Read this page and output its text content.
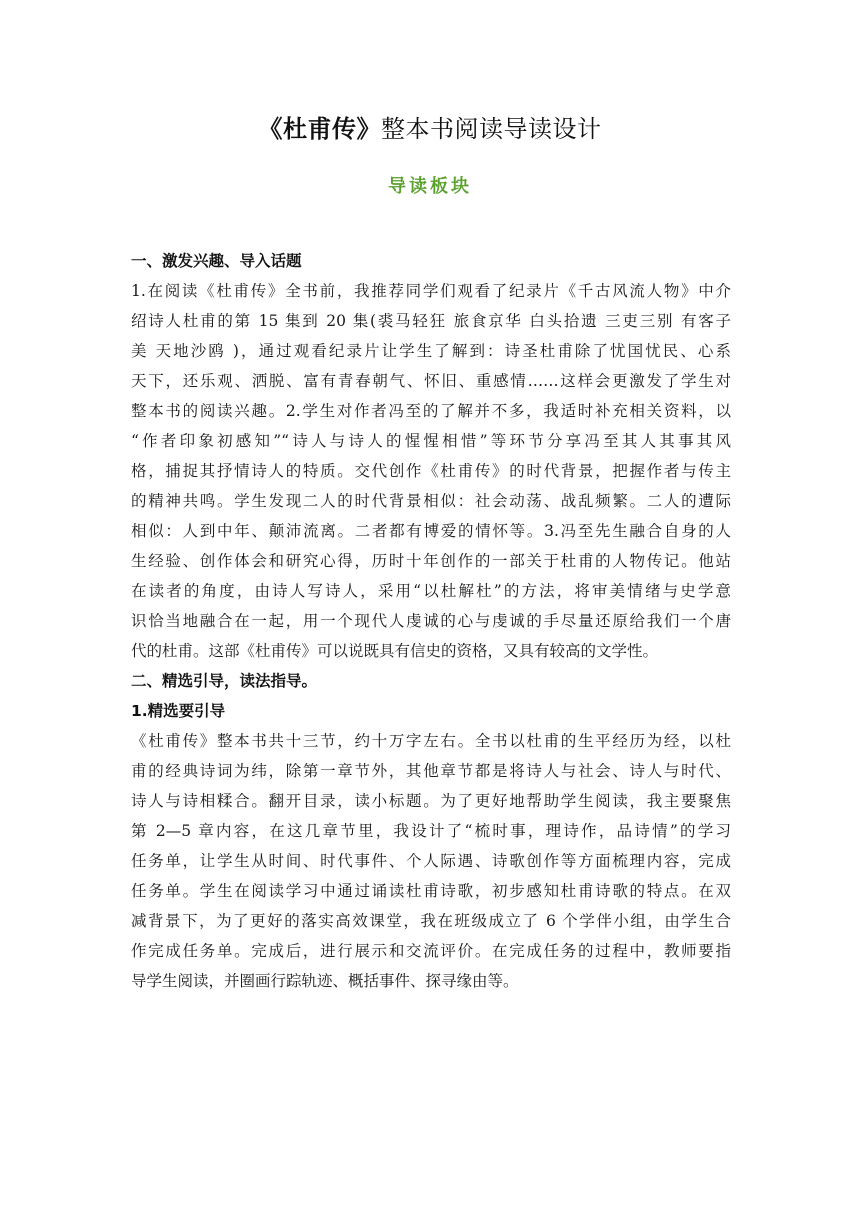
《杜甫传》整本书阅读导读设计
导读板块
一、激发兴趣、导入话题
1.在阅读《杜甫传》全书前，我推荐同学们观看了纪录片《千古风流人物》中介
绍诗人杜甫的第 15 集到 20 集(裘马轻狂 旅食京华 白头拾遗 三吏三别 有客子
美 天地沙鸥 )，通过观看纪录片让学生了解到：诗圣杜甫除了忧国忧民、心系
天下，还乐观、洒脱、富有青春朝气、怀旧、重感情……这样会更激发了学生对
整本书的阅读兴趣。2.学生对作者冯至的了解并不多，我适时补充相关资料，以
“作者印象初感知”“诗人与诗人的惺惺相惜”等环节分享冯至其人其事其风
格，捕捉其抒情诗人的特质。交代创作《杜甫传》的时代背景，把握作者与传主
的精神共鸣。学生发现二人的时代背景相似：社会动荡、战乱频繁。二人的遭际
相似：人到中年、颠沛流离。二者都有博爱的情怀等。3.冯至先生融合自身的人
生经验、创作体会和研究心得，历时十年创作的一部关于杜甫的人物传记。他站
在读者的角度，由诗人写诗人，采用“以杜解杜”的方法，将审美情绪与史学意
识恰当地融合在一起，用一个现代人虔诚的心与虔诚的手尽量还原给我们一个唐
代的杜甫。这部《杜甫传》可以说既具有信史的资格，又具有较高的文学性。
二、精选引导，读法指导。
1.精选要引导
《杜甫传》整本书共十三节，约十万字左右。全书以杜甫的生平经历为经，以杜
甫的经典诗词为纬，除第一章节外，其他章节都是将诗人与社会、诗人与时代、
诗人与诗相糅合。翻开目录，读小标题。为了更好地帮助学生阅读，我主要聚焦
第 2—5 章内容，在这几章节里，我设计了“梳时事，理诗作，品诗情”的学习
任务单，让学生从时间、时代事件、个人际遇、诗歌创作等方面梳理内容，完成
任务单。学生在阅读学习中通过诵读杜甫诗歌，初步感知杜甫诗歌的特点。在双
减背景下，为了更好的落实高效课堂，我在班级成立了 6 个学伴小组，由学生合
作完成任务单。完成后，进行展示和交流评价。在完成任务的过程中，教师要指
导学生阅读，并圈画行踪轨迹、概括事件、探寻缘由等。
